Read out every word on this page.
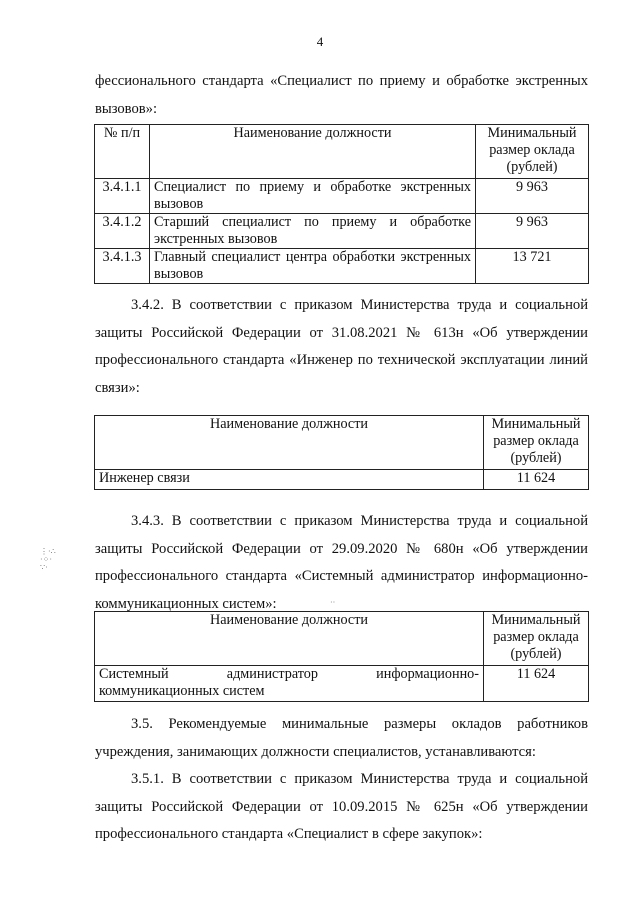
4
фессионального стандарта «Специалист по приему и обработке экстренных
вызовов»:
№ п/п	Наименование должности	Минимальный размер оклада (рублей)
3.4.1.1	Специалист по приему и обработке экстренных вызовов	9 963
3.4.1.2	Старший специалист по приему и обработке экстренных вызовов	9 963
3.4.1.3	Главный специалист центра обработки экстренных вызовов	13 721
3.4.2. В соответствии с приказом Министерства труда и социальной защиты Российской Федерации от 31.08.2021 № 613н «Об утверждении профессионального стандарта «Инженер по технической эксплуатации линий связи»:
Наименование должности	Минимальный размер оклада (рублей)
Инженер связи	11 624
3.4.3. В соответствии с приказом Министерства труда и социальной защиты Российской Федерации от 29.09.2020 № 680н «Об утверждении профессионального стандарта «Системный администратор информационно-коммуникационных систем»:
Наименование должности	Минимальный размер оклада (рублей)

Системный администратор информационно-
коммуникационных систем	11 624
3.5. Рекомендуемые минимальные размеры окладов работников учреждения, занимающих должности специалистов, устанавливаются:
3.5.1. В соответствии с приказом Министерства труда и социальной защиты Российской Федерации от 10.09.2015 № 625н «Об утверждении профессионального стандарта «Специалист в сфере закупок»:
⋮·∴
·⁘·
∵·
··
